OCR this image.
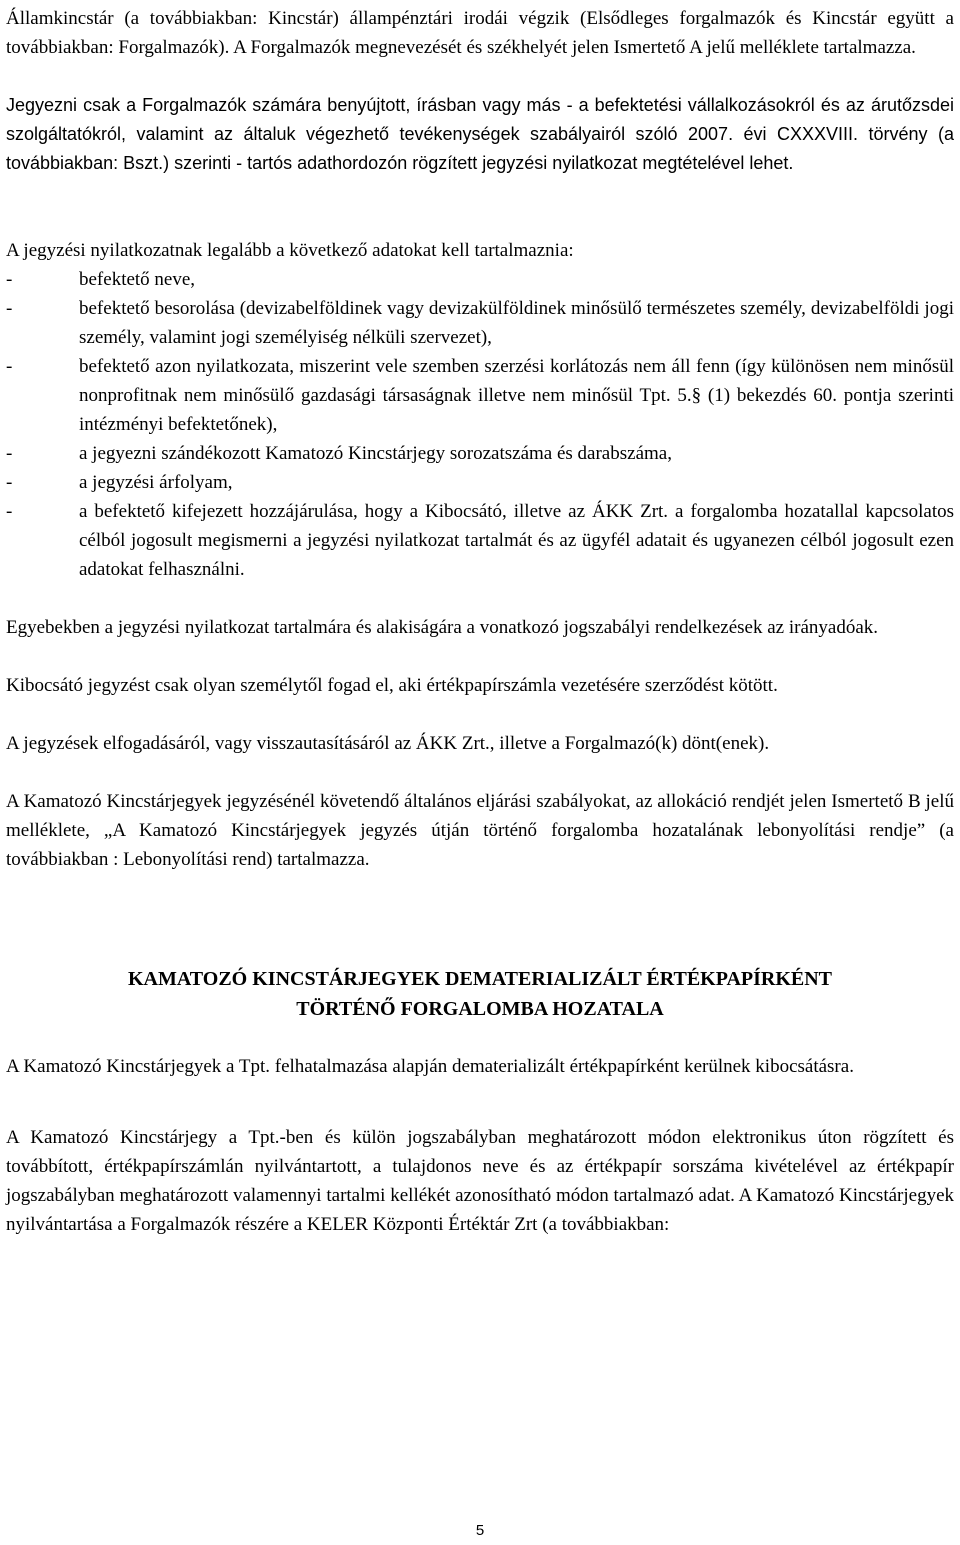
Államkincstár (a továbbiakban: Kincstár) állampénztári irodái végzik (Elsődleges forgalmazók és Kincstár együtt a továbbiakban: Forgalmazók). A Forgalmazók megnevezését és székhelyét jelen Ismertető A jelű melléklete tartalmazza.

Jegyezni csak a Forgalmazók számára benyújtott, írásban vagy más - a befektetési vállalkozásokról és az árutőzsdei szolgáltatókról, valamint az általuk végezhető tevékenységek szabályairól szóló 2007. évi CXXXVIII. törvény (a továbbiakban: Bszt.) szerinti - tartós adathordozón rögzített jegyzési nyilatkozat megtételével lehet.

A jegyzési nyilatkozatnak legalább a következő adatokat kell tartalmaznia:

-	befektető neve,
-	befektető besorolása (devizabelföldinek vagy devizakülföldinek minősülő természetes személy, devizabelföldi jogi személy, valamint jogi személyiség nélküli szervezet),
-	befektető azon nyilatkozata, miszerint vele szemben szerzési korlátozás nem áll fenn (így különösen nem minősül nonprofitnak nem minősülő gazdasági társaságnak illetve nem minősül Tpt. 5.§ (1) bekezdés 60. pontja szerinti intézményi befektetőnek),
-	a jegyezni szándékozott Kamatozó Kincstárjegy sorozatszáma és darabszáma,
-	a jegyzési árfolyam,
-	a befektető kifejezett hozzájárulása, hogy a Kibocsátó, illetve az ÁKK Zrt. a forgalomba hozatallal kapcsolatos célból jogosult megismerni a jegyzési nyilatkozat tartalmát és az ügyfél adatait és ugyanezen célból jogosult ezen adatokat felhasználni.

Egyebekben a jegyzési nyilatkozat tartalmára és alakiságára a vonatkozó jogszabályi rendelkezések az irányadóak.

Kibocsátó jegyzést csak olyan személytől fogad el, aki értékpapírszámla vezetésére szerződést kötött.

A jegyzések elfogadásáról, vagy visszautasításáról az ÁKK Zrt., illetve a Forgalmazó(k) dönt(enek).

A Kamatozó Kincstárjegyek jegyzésénél követendő általános eljárási szabályokat, az allokáció rendjét jelen Ismertető B jelű melléklete, „A Kamatozó Kincstárjegyek jegyzés útján történő forgalomba hozatalának lebonyolítási rendje” (a továbbiakban : Lebonyolítási rend) tartalmazza.

KAMATOZÓ KINCSTÁRJEGYEK DEMATERIALIZÁLT ÉRTÉKPAPÍRKÉNT
TÖRTÉNŐ FORGALOMBA HOZATALA

A Kamatozó Kincstárjegyek a Tpt. felhatalmazása alapján dematerializált értékpapírként kerülnek kibocsátásra.

A Kamatozó Kincstárjegy a Tpt.-ben és külön jogszabályban meghatározott módon elektronikus úton rögzített és továbbított, értékpapírszámlán nyilvántartott, a tulajdonos neve és az értékpapír sorszáma kivételével az értékpapír jogszabályban meghatározott valamennyi tartalmi kellékét azonosítható módon tartalmazó adat. A Kamatozó Kincstárjegyek nyilvántartása a Forgalmazók részére a KELER Központi Értéktár Zrt (a továbbiakban:

5
